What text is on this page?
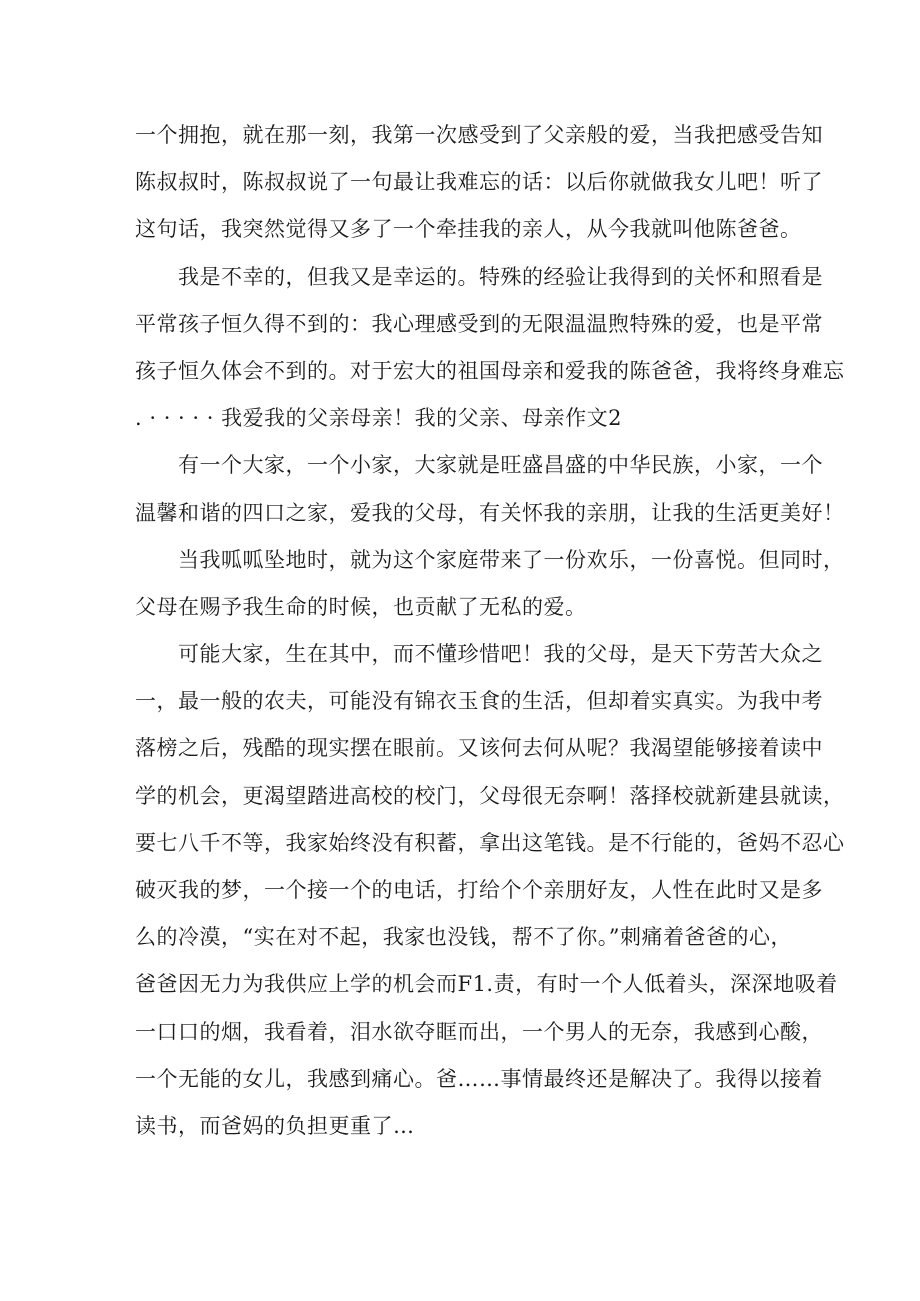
一个拥抱，就在那一刻，我第一次感受到了父亲般的爱，当我把感受告知
陈叔叔时，陈叔叔说了一句最让我难忘的话：以后你就做我女儿吧！听了
这句话，我突然觉得又多了一个牵挂我的亲人，从今我就叫他陈爸爸。
　　我是不幸的，但我又是幸运的。特殊的经验让我得到的关怀和照看是
平常孩子恒久得不到的：我心理感受到的无限温温煦特殊的爱，也是平常
孩子恒久体会不到的。对于宏大的祖国母亲和爱我的陈爸爸，我将终身难忘
. · · · · · 我爱我的父亲母亲！我的父亲、母亲作文2
　　有一个大家，一个小家，大家就是旺盛昌盛的中华民族，小家，一个
温馨和谐的四口之家，爱我的父母，有关怀我的亲朋，让我的生活更美好！
　　当我呱呱坠地时，就为这个家庭带来了一份欢乐，一份喜悦。但同时，
父母在赐予我生命的时候，也贡献了无私的爱。
　　可能大家，生在其中，而不懂珍惜吧！我的父母，是天下劳苦大众之
一，最一般的农夫，可能没有锦衣玉食的生活，但却着实真实。为我中考
落榜之后，残酷的现实摆在眼前。又该何去何从呢？我渴望能够接着读中
学的机会，更渴望踏进高校的校门，父母很无奈啊！落择校就新建县就读，
要七八千不等，我家始终没有积蓄，拿出这笔钱。是不行能的，爸妈不忍心
破灭我的梦，一个接一个的电话，打给个个亲朋好友，人性在此时又是多
么的冷漠，“实在对不起，我家也没钱，帮不了你。”刺痛着爸爸的心，
爸爸因无力为我供应上学的机会而F1.责，有时一个人低着头，深深地吸着
一口口的烟，我看着，泪水欲夺眶而出，一个男人的无奈，我感到心酸，
一个无能的女儿，我感到痛心。爸……事情最终还是解决了。我得以接着
读书，而爸妈的负担更重了…
